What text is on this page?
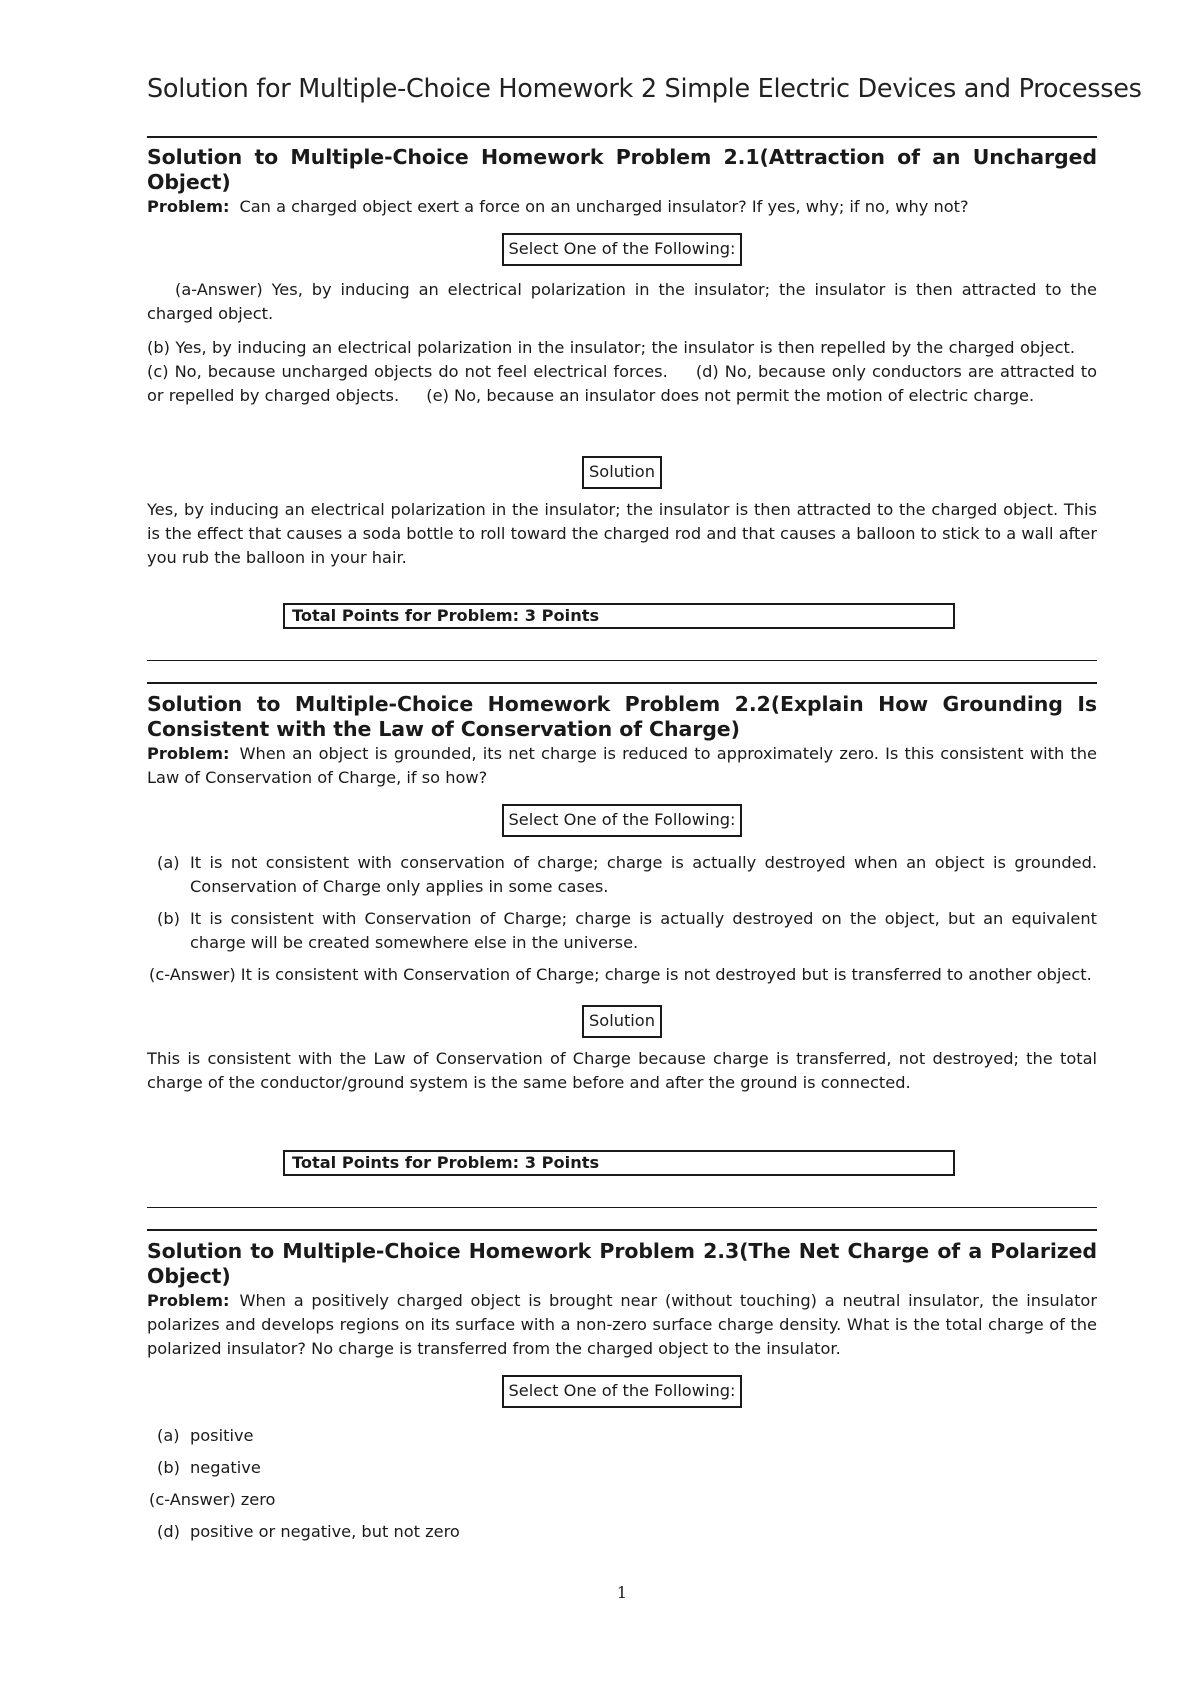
Solution for Multiple-Choice Homework 2 Simple Electric Devices and Processes
Solution to Multiple-Choice Homework Problem 2.1(Attraction of an Uncharged Object)

Problem: Can a charged object exert a force on an uncharged insulator? If yes, why; if no, why not?

Select One of the Following:
(a-Answer) Yes, by inducing an electrical polarization in the insulator; the insulator is then attracted to the charged object.
(b) Yes, by inducing an electrical polarization in the insulator; the insulator is then repelled by the charged object. (c) No, because uncharged objects do not feel electrical forces. (d) No, because only conductors are attracted to or repelled by charged objects. (e) No, because an insulator does not permit the motion of electric charge.
Solution

Yes, by inducing an electrical polarization in the insulator; the insulator is then attracted to the charged object. This is the effect that causes a soda bottle to roll toward the charged rod and that causes a balloon to stick to a wall after you rub the balloon in your hair.

Total Points for Problem: 3 Points
Solution to Multiple-Choice Homework Problem 2.2(Explain How Grounding Is Consistent with the Law of Conservation of Charge)

Problem: When an object is grounded, its net charge is reduced to approximately zero. Is this consistent with the Law of Conservation of Charge, if so how?

Select One of the Following:

(a) It is not consistent with conservation of charge; charge is actually destroyed when an object is grounded. Conservation of Charge only applies in some cases.

(b) It is consistent with Conservation of Charge; charge is actually destroyed on the object, but an equivalent charge will be created somewhere else in the universe.

(c-Answer) It is consistent with Conservation of Charge; charge is not destroyed but is transferred to another object.

Solution

This is consistent with the Law of Conservation of Charge because charge is transferred, not destroyed; the total charge of the conductor/ground system is the same before and after the ground is connected.

Total Points for Problem: 3 Points
Solution to Multiple-Choice Homework Problem 2.3(The Net Charge of a Polarized Object)

Problem: When a positively charged object is brought near (without touching) a neutral insulator, the insulator polarizes and develops regions on its surface with a non-zero surface charge density. What is the total charge of the polarized insulator? No charge is transferred from the charged object to the insulator.

Select One of the Following:

(a) positive

(b) negative

(c-Answer) zero

(d) positive or negative, but not zero

1
